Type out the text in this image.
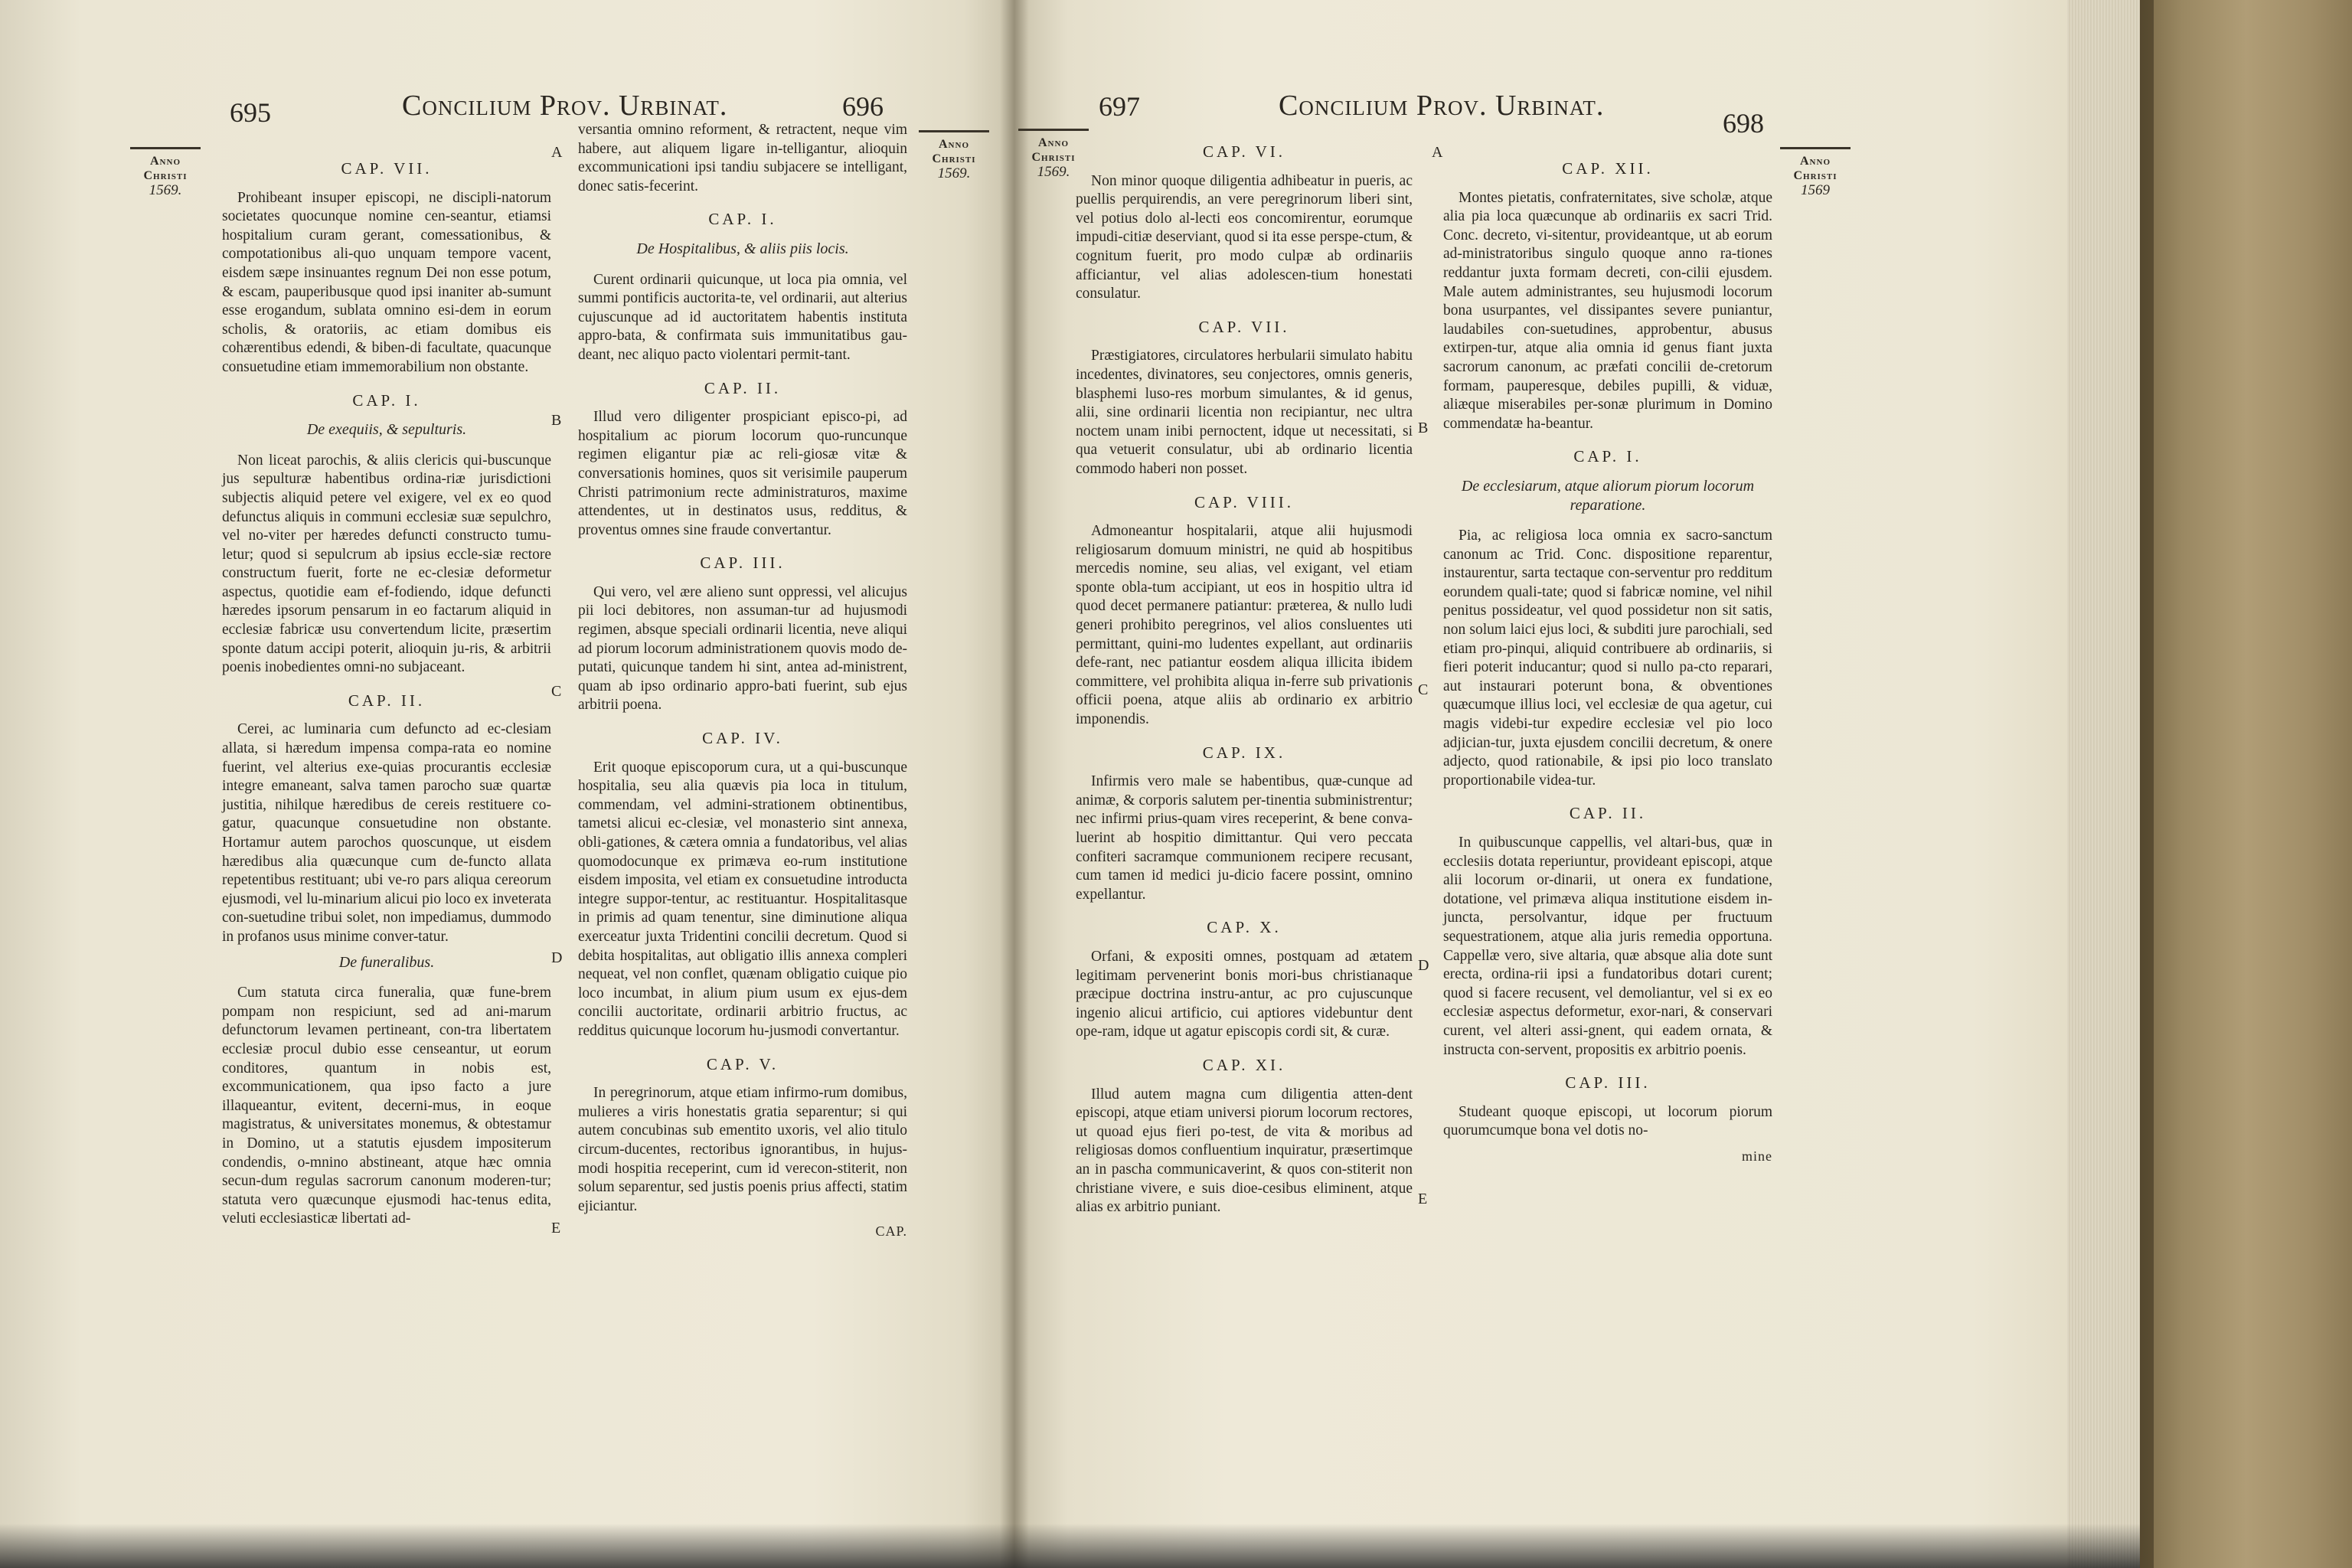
695	Concilium Prov. Urbinat.	696
Anno
Christi
1569.
Anno
Christi
1569.
CAP. VII.

Prohibeant insuper episcopi, ne discipli-natorum societates quocunque nomine cen-seantur, etiamsi hospitalium curam gerant, comessationibus, & compotationibus ali-quo unquam tempore vacent, eisdem sæpe insinuantes regnum Dei non esse potum, & escam, pauperibusque quod ipsi inaniter ab-sumunt esse erogandum, sublata omnino esi-dem in eorum scholis, & oratoriis, ac etiam domibus eis cohærentibus edendi, & biben-di facultate, quacunque consuetudine etiam immemorabilium non obstante.

CAP. I.
De exequiis, & sepulturis.

Non liceat parochis, & aliis clericis qui-buscunque jus sepulturæ habentibus ordina-riæ jurisdictioni subjectis aliquid petere vel exigere, vel ex eo quod defunctus aliquis in communi ecclesiæ suæ sepulchro, vel no-viter per hæredes defuncti constructo tumu-letur; quod si sepulcrum ab ipsius eccle-siæ rectore constructum fuerit, forte ne ec-clesiæ deformetur aspectus, quotidie eam ef-fodiendo, idque defuncti hæredes ipsorum pensarum in eo factarum aliquid in ecclesiæ fabricæ usu convertendum licite, præsertim sponte datum accipi poterit, alioquin ju-ris, & arbitrii poenis inobedientes omni-no subjaceant.

CAP. II.

Cerei, ac luminaria cum defuncto ad ec-clesiam allata, si hæredum impensa compa-rata eo nomine fuerint, vel alterius exe-quias procurantis ecclesiæ integre emaneant, salva tamen parocho suæ quartæ justitia, nihilque hæredibus de cereis restituere co-gatur, quacunque consuetudine non obstante. Hortamur autem parochos quoscunque, ut eisdem hæredibus alia quæcunque cum de-functo allata repetentibus restituant; ubi ve-ro pars aliqua cereorum ejusmodi, vel lu-minarium alicui pio loco ex inveterata con-suetudine tribui solet, non impediamus, dummodo in profanos usus minime conver-tatur.

De funeralibus.

Cum statuta circa funeralia, quæ fune-brem pompam non respiciunt, sed ad ani-marum defunctorum levamen pertineant, con-tra libertatem ecclesiæ procul dubio esse censeantur, ut eorum conditores, quantum in nobis est, excommunicationem, qua ipso facto a jure illaqueantur, evitent, decerni-mus, in eoque magistratus, & universitates monemus, & obtestamur in Domino, ut a statutis ejusdem impositerum condendis, o-mnino abstineant, atque hæc omnia secun-dum regulas sacrorum canonum moderen-tur; statuta vero quæcunque ejusmodi hac-tenus edita, veluti ecclesiasticæ libertati ad-

versantia omnino reforment, & retractent, neque vim habere, aut aliquem ligare in-telligantur, alioquin excommunicationi ipsi tandiu subjacere se intelligant, donec satis-fecerint.

CAP. I.
De Hospitalibus, & aliis piis locis.

Curent ordinarii quicunque, ut loca pia omnia, vel summi pontificis auctorita-te, vel ordinarii, aut alterius cujuscunque ad id auctoritatem habentis instituta appro-bata, & confirmata suis immunitatibus gau-deant, nec aliquo pacto violentari permit-tant.

CAP. II.

Illud vero diligenter prospiciant episco-pi, ad hospitalium ac piorum locorum quo-runcunque regimen eligantur piæ ac reli-giosæ vitæ & conversationis homines, quos sit verisimile pauperum Christi patrimonium recte administraturos, maxime attendentes, ut in destinatos usus, redditus, & proventus omnes sine fraude convertantur.

CAP. III.

Qui vero, vel ære alieno sunt oppressi, vel alicujus pii loci debitores, non assuman-tur ad hujusmodi regimen, absque speciali ordinarii licentia, neve aliqui ad piorum locorum administrationem quovis modo de-putati, quicunque tandem hi sint, antea ad-ministrent, quam ab ipso ordinario appro-bati fuerint, sub ejus arbitrii poena.

CAP. IV.

Erit quoque episcoporum cura, ut a qui-buscunque hospitalia, seu alia quævis pia loca in titulum, commendam, vel admini-strationem obtinentibus, tametsi alicui ec-clesiæ, vel monasterio sint annexa, obli-gationes, & cætera omnia a fundatoribus, vel alias quomodocunque ex primæva eo-rum institutione eisdem imposita, vel etiam ex consuetudine introducta integre suppor-tentur, ac restituantur. Hospitalitasque in primis ad quam tenentur, sine diminutione aliqua exerceatur juxta Tridentini concilii decretum. Quod si debita hospitalitas, aut obligatio illis annexa compleri nequeat, vel non conflet, quænam obligatio cuique pio loco incumbat, in alium pium usum ex ejus-dem concilii auctoritate, ordinarii arbitrio fructus, ac redditus quicunque locorum hu-jusmodi convertantur.

CAP. V.

In peregrinorum, atque etiam infirmo-rum domibus, mulieres a viris honestatis gratia separentur; si qui autem concubinas sub ementito uxoris, vel alio titulo circum-ducentes, rectoribus ignorantibus, in hujus-modi hospitia receperint, cum id verecon-stiterit, non solum separentur, sed justis poenis prius affecti, statim ejiciantur.

CAP.
A
B
C
D
E
697	Concilium Prov. Urbinat.
698
Anno
Christi
1569.
Anno
Christi
1569
CAP. VI.

Non minor quoque diligentia adhibeatur in pueris, ac puellis perquirendis, an vere peregrinorum liberi sint, vel potius dolo al-lecti eos concomirentur, eorumque impudi-citiæ deserviant, quod si ita esse perspe-ctum, & cognitum fuerit, pro modo culpæ ab ordinariis afficiantur, vel alias adolescen-tium honestati consulatur.

CAP. VII.

Præstigiatores, circulatores herbularii simulato habitu incedentes, divinatores, seu conjectores, omnis generis, blasphemi luso-res morbum simulantes, & id genus, alii, sine ordinarii licentia non recipiantur, nec ultra noctem unam inibi pernoctent, idque ut necessitati, si qua vetuerit consulatur, ubi ab ordinario licentia commodo haberi non posset.

CAP. VIII.

Admoneantur hospitalarii, atque alii hujusmodi religiosarum domuum ministri, ne quid ab hospitibus mercedis nomine, seu alias, vel exigant, vel etiam sponte obla-tum accipiant, ut eos in hospitio ultra id quod decet permanere patiantur: præterea, & nullo ludi generi prohibito peregrinos, vel alios consluentes uti permittant, quini-mo ludentes expellant, aut ordinariis defe-rant, nec patiantur eosdem aliqua illicita ibidem committere, vel prohibita aliqua in-ferre sub privationis officii poena, atque aliis ab ordinario ex arbitrio imponendis.

CAP. IX.

Infirmis vero male se habentibus, quæ-cunque ad animæ, & corporis salutem per-tinentia subministrentur; nec infirmi prius-quam vires receperint, & bene conva-luerint ab hospitio dimittantur. Qui vero peccata confiteri sacramque communionem recipere recusant, cum tamen id medici ju-dicio facere possint, omnino expellantur.

CAP. X.

Orfani, & expositi omnes, postquam ad ætatem legitimam pervenerint bonis mori-bus christianaque præcipue doctrina instru-antur, ac pro cujuscunque ingenio alicui artificio, cui aptiores videbuntur dent ope-ram, idque ut agatur episcopis cordi sit, & curæ.

CAP. XI.

Illud autem magna cum diligentia atten-dent episcopi, atque etiam universi piorum locorum rectores, ut quoad ejus fieri po-test, de vita & moribus ad religiosas domos confluentium inquiratur, præsertimque an in pascha communicaverint, & quos con-stiterit non christiane vivere, e suis dioe-cesibus eliminent, atque alias ex arbitrio puniant.

CAP. XII.

Montes pietatis, confraternitates, sive scholæ, atque alia pia loca quæcunque ab ordinariis ex sacri Trid. Conc. decreto, vi-sitentur, provideantque, ut ab eorum ad-ministratoribus singulo quoque anno ra-tiones reddantur juxta formam decreti, con-cilii ejusdem. Male autem administrantes, seu hujusmodi locorum bona usurpantes, vel dissipantes severe puniantur, laudabiles con-suetudines, approbentur, abusus extirpen-tur, atque alia omnia id genus fiant juxta sacrorum canonum, ac præfati concilii de-cretorum formam, pauperesque, debiles pupilli, & viduæ, aliæque miserabiles per-sonæ plurimum in Domino commendatæ ha-beantur.

CAP. I.
De ecclesiarum, atque aliorum piorum locorum reparatione.

Pia, ac religiosa loca omnia ex sacro-sanctum canonum ac Trid. Conc. dispositione reparentur, instaurentur, sarta tectaque con-serventur pro redditum eorundem quali-tate; quod si fabricæ nomine, vel nihil penitus possideatur, vel quod possidetur non sit satis, non solum laici ejus loci, & subditi jure parochiali, sed etiam pro-pinqui, aliquid contribuere ab ordinariis, si fieri poterit inducantur; quod si nullo pa-cto reparari, aut instaurari poterunt bona, & obventiones quæcumque illius loci, vel ecclesiæ de qua agetur, cui magis videbi-tur expedire ecclesiæ vel pio loco adjician-tur, juxta ejusdem concilii decretum, & onere adjecto, quod rationabile, & ipsi pio loco translato proportionabile videa-tur.

CAP. II.

In quibuscunque cappellis, vel altari-bus, quæ in ecclesiis dotata reperiuntur, provideant episcopi, atque alii locorum or-dinarii, ut onera ex fundatione, dotatione, vel primæva aliqua institutione eisdem in-juncta, persolvantur, idque per fructuum sequestrationem, atque alia juris remedia opportuna. Cappellæ vero, sive altaria, quæ absque alia dote sunt erecta, ordina-rii ipsi a fundatoribus dotari curent; quod si facere recusent, vel demoliantur, vel si ex eo ecclesiæ aspectus deformetur, exor-nari, & conservari curent, vel alteri assi-gnent, qui eadem ornata, & instructa con-servent, propositis ex arbitrio poenis.

CAP. III.

Studeant quoque episcopi, ut locorum piorum quorumcumque bona vel dotis no-

mine
A
B
C
D
E
